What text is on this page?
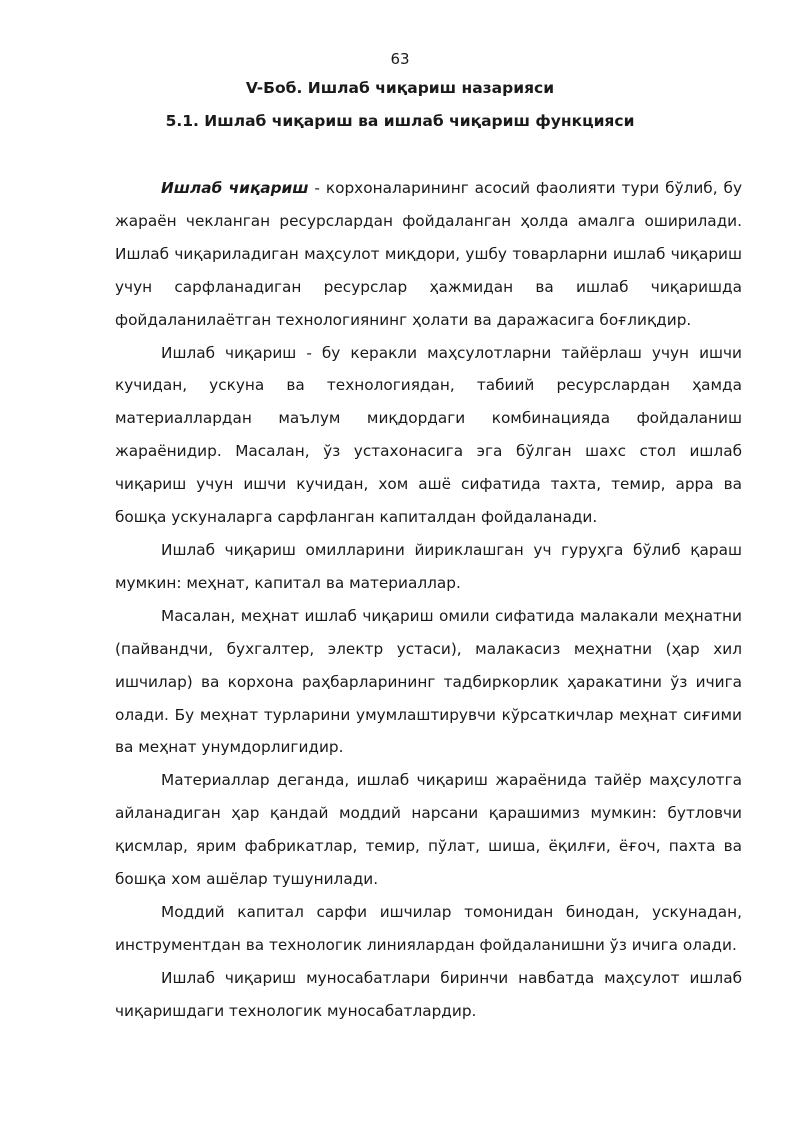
63
V-Боб. Ишлаб чиқариш назарияси
5.1. Ишлаб чиқариш ва ишлаб чиқариш функцияси

Ишлаб чиқариш - корхоналарининг асосий фаолияти тури бўлиб, бу жараён чекланган ресурслардан фойдаланган ҳолда амалга оширилади. Ишлаб чиқариладиган маҳсулот миқдори, ушбу товарларни ишлаб чиқариш учун сарфланадиган ресурслар ҳажмидан ва ишлаб чиқаришда фойдаланилаётган технологиянинг ҳолати ва даражасига боғлиқдир.

Ишлаб чиқариш - бу керакли маҳсулотларни тайёрлаш учун ишчи кучидан, ускуна ва технологиядан, табиий ресурслардан ҳамда материаллардан маълум миқдордаги комбинацияда фойдаланиш жараёнидир. Масалан, ўз устахонасига эга бўлган шахс стол ишлаб чиқариш учун ишчи кучидан, хом ашё сифатида тахта, темир, арра ва бошқа ускуналарга сарфланган капиталдан фойдаланади.

Ишлаб чиқариш омилларини йириклашган уч гуруҳга бўлиб қараш мумкин: меҳнат, капитал ва материаллар.

Масалан, меҳнат ишлаб чиқариш омили сифатида малакали меҳнатни (пайвандчи, бухгалтер, электр устаси), малакасиз меҳнатни (ҳар хил ишчилар) ва корхона раҳбарларининг тадбиркорлик ҳаракатини ўз ичига олади. Бу меҳнат турларини умумлаштирувчи кўрсаткичлар меҳнат сиғими ва меҳнат унумдорлигидир.

Материаллар деганда, ишлаб чиқариш жараёнида тайёр маҳсулотга айланадиган ҳар қандай моддий нарсани қарашимиз мумкин: бутловчи қисмлар, ярим фабрикатлар, темир, пўлат, шиша, ёқилғи, ёғоч, пахта ва бошқа хом ашёлар тушунилади.

Моддий капитал сарфи ишчилар томонидан бинодан, ускунадан, инструментдан ва технологик линиялардан фойдаланишни ўз ичига олади.

Ишлаб чиқариш муносабатлари биринчи навбатда маҳсулот ишлаб чиқаришдаги технологик муносабатлардир.
